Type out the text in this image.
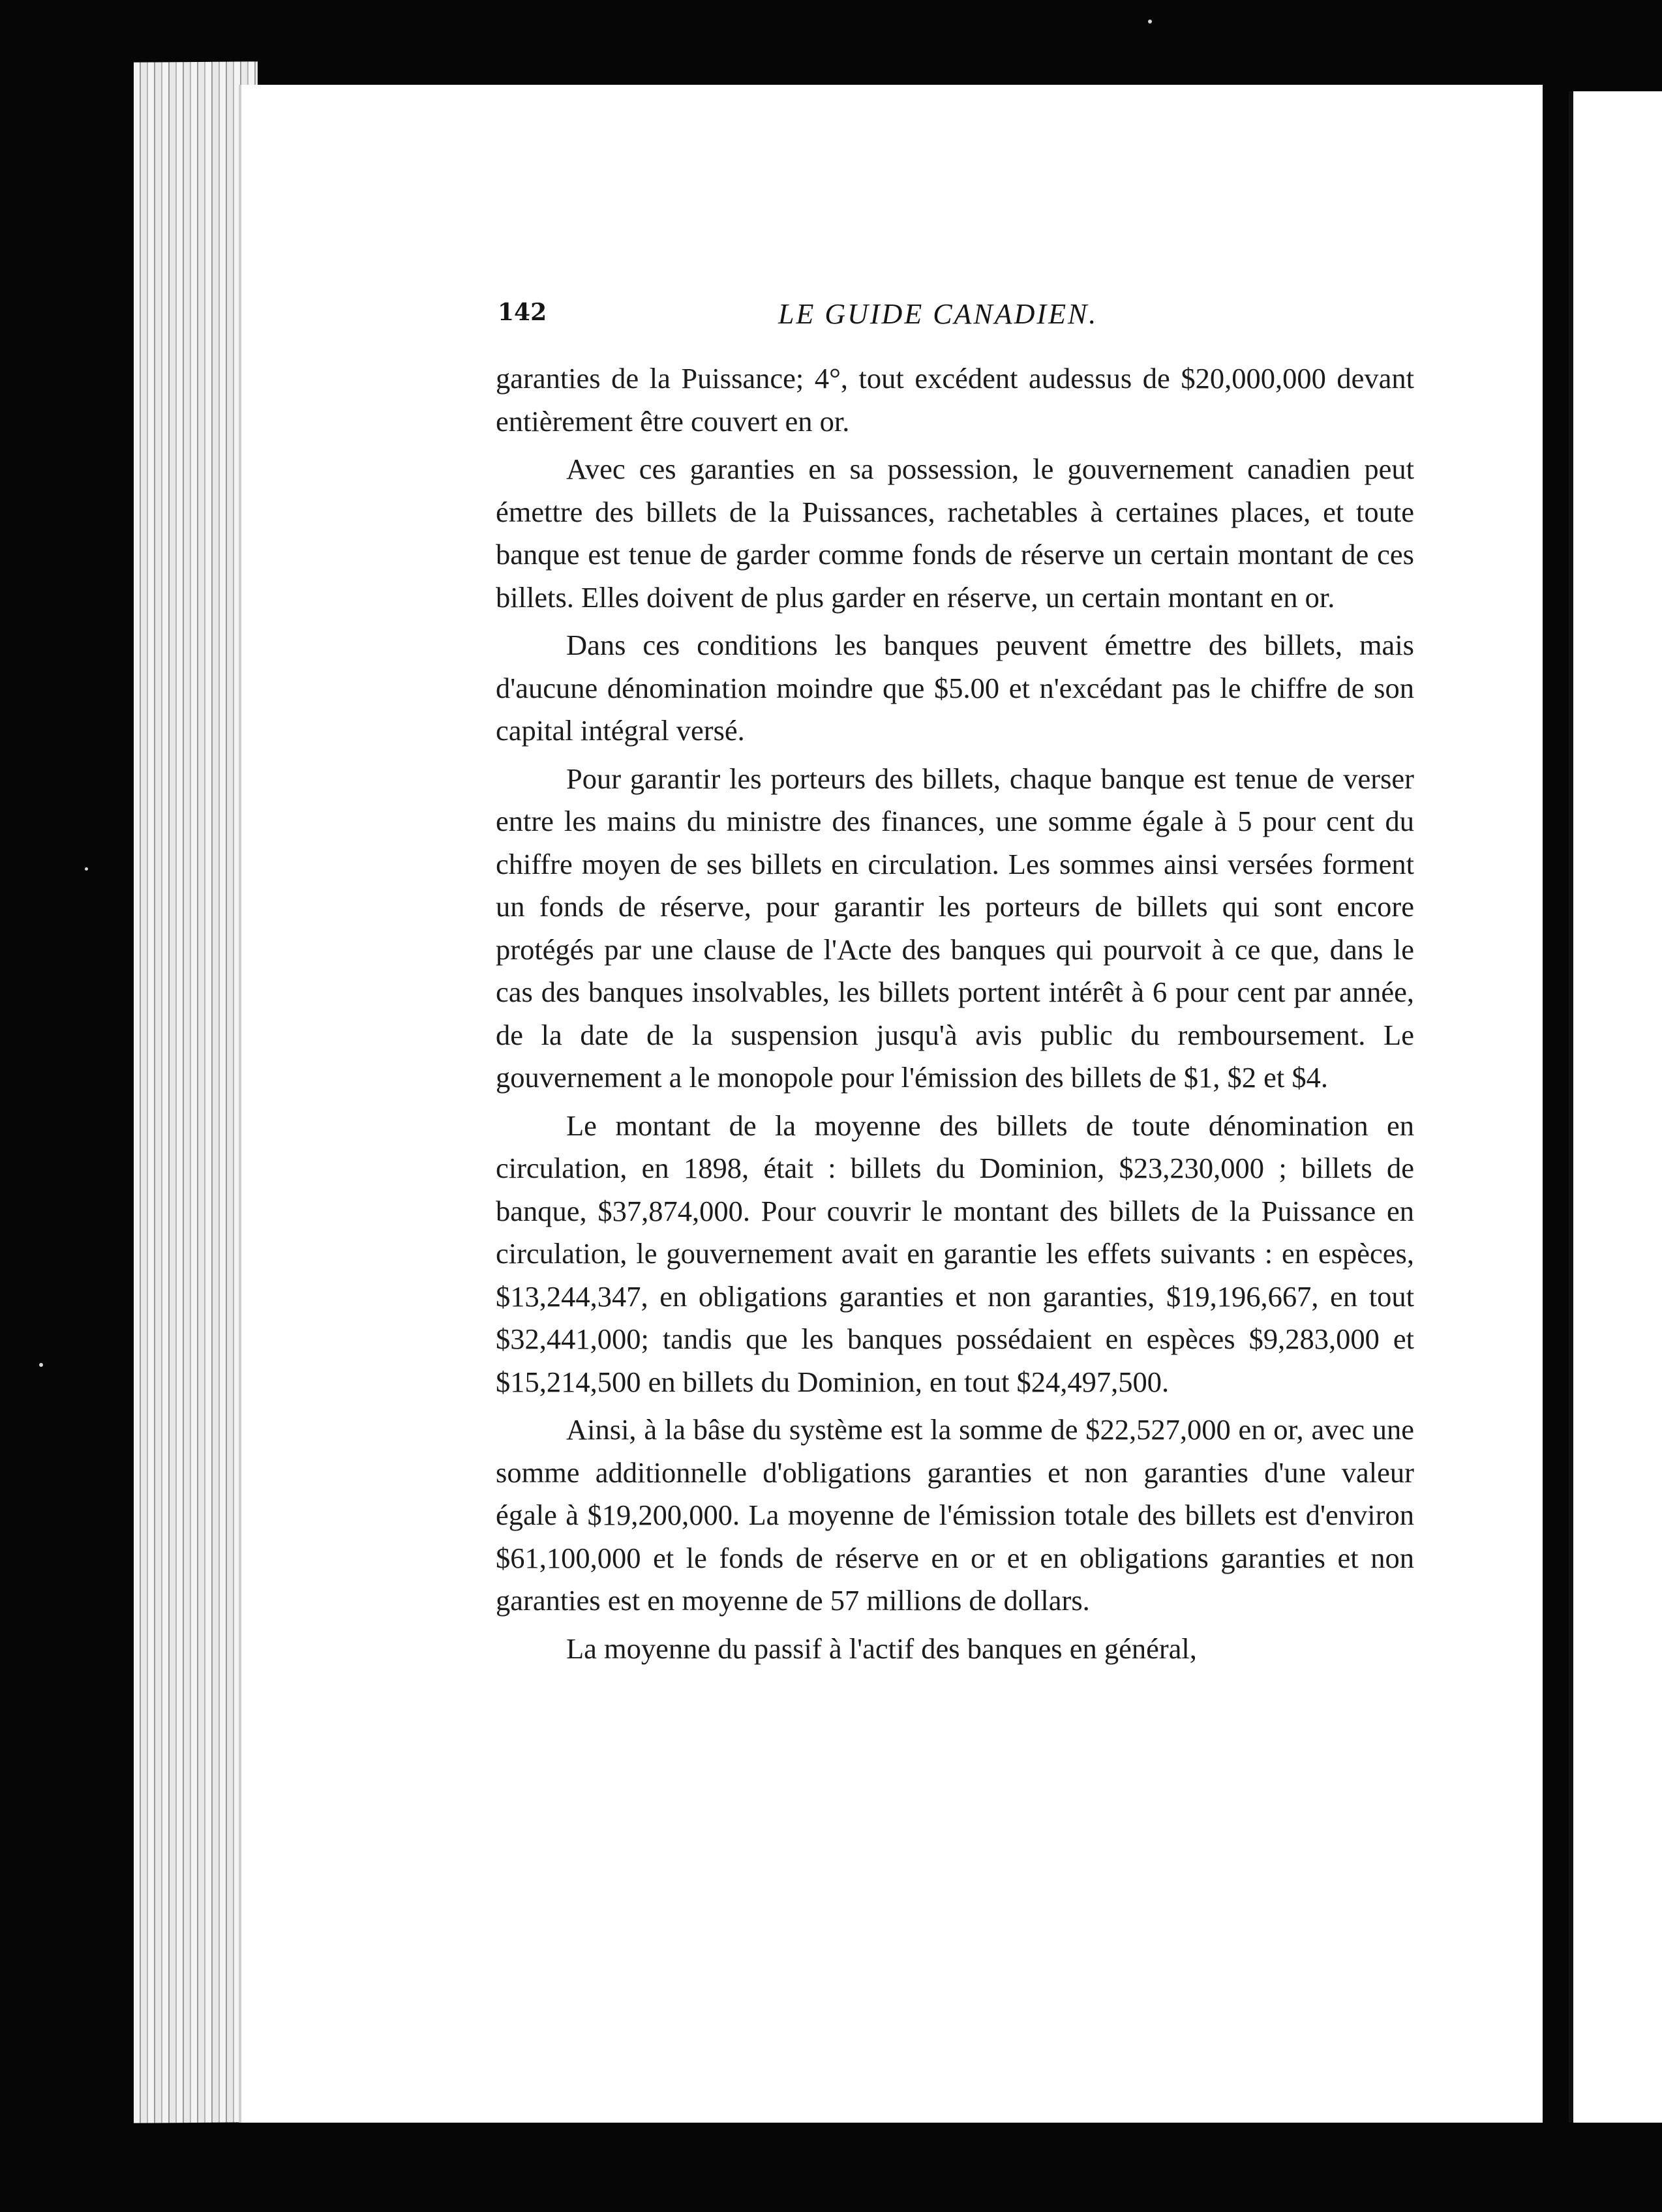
142	LE GUIDE CANADIEN.

garanties de la Puissance; 4°, tout excédent audessus de $20,000,000 devant entièrement être couvert en or.

Avec ces garanties en sa possession, le gouvernement canadien peut émettre des billets de la Puissances, rachetables à certaines places, et toute banque est tenue de garder comme fonds de réserve un certain montant de ces billets. Elles doivent de plus garder en réserve, un certain montant en or.

Dans ces conditions les banques peuvent émettre des billets, mais d'aucune dénomination moindre que $5.00 et n'excédant pas le chiffre de son capital intégral versé.

Pour garantir les porteurs des billets, chaque banque est tenue de verser entre les mains du ministre des finances, une somme égale à 5 pour cent du chiffre moyen de ses billets en circulation. Les sommes ainsi versées forment un fonds de réserve, pour garantir les porteurs de billets qui sont encore protégés par une clause de l'Acte des banques qui pourvoit à ce que, dans le cas des banques insolvables, les billets portent intérêt à 6 pour cent par année, de la date de la suspension jusqu'à avis public du remboursement. Le gouvernement a le monopole pour l'émission des billets de $1, $2 et $4.

Le montant de la moyenne des billets de toute dénomination en circulation, en 1898, était : billets du Dominion, $23,230,000 ; billets de banque, $37,874,000. Pour couvrir le montant des billets de la Puissance en circulation, le gouvernement avait en garantie les effets suivants : en espèces, $13,244,347, en obligations garanties et non garanties, $19,196,667, en tout $32,441,000; tandis que les banques possédaient en espèces $9,283,000 et $15,214,500 en billets du Dominion, en tout $24,497,500.

Ainsi, à la bâse du système est la somme de $22,527,000 en or, avec une somme additionnelle d'obligations garanties et non garanties d'une valeur égale à $19,200,000. La moyenne de l'émission totale des billets est d'environ $61,100,000 et le fonds de réserve en or et en obligations garanties et non garanties est en moyenne de 57 millions de dollars.

La moyenne du passif à l'actif des banques en général,
